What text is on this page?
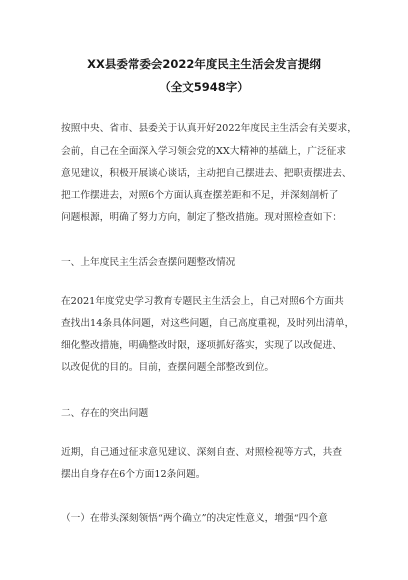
XX县委常委会2022年度民主生活会发言提纲
（全文5948字）
按照中央、省市、县委关于认真开好2022年度民主生活会有关要求，
会前，自己在全面深入学习领会党的XX大精神的基础上，广泛征求
意见建议，积极开展谈心谈话，主动把自己摆进去、把职责摆进去、
把工作摆进去，对照6个方面认真查摆差距和不足，并深刻剖析了
问题根源，明确了努力方向，制定了整改措施。现对照检查如下：
一、上年度民主生活会查摆问题整改情况
在2021年度党史学习教育专题民主生活会上，自己对照6个方面共
查找出14条具体问题，对这些问题，自己高度重视，及时列出清单，
细化整改措施，明确整改时限，逐项抓好落实，实现了以改促进、
以改促优的目的。目前，查摆问题全部整改到位。
二、存在的突出问题
近期，自己通过征求意见建议、深刻自查、对照检视等方式，共查
摆出自身存在6个方面12条问题。
（一）在带头深刻领悟“两个确立”的决定性意义，增强“四个意
